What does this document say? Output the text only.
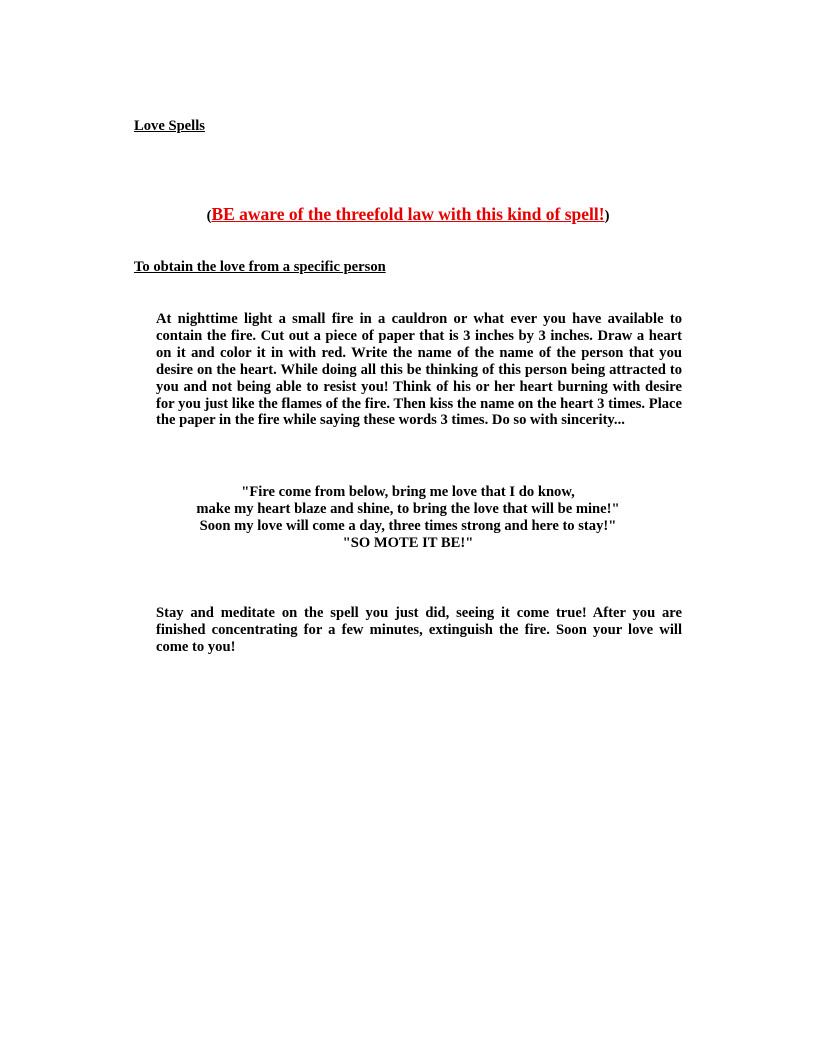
Love Spells
(BE aware of the threefold law with this kind of spell!)
To obtain the love from a specific person
At nighttime light a small fire in a cauldron or what ever you have available to contain the fire. Cut out a piece of paper that is 3 inches by 3 inches. Draw a heart on it and color it in with red. Write the name of the name of the person that you desire on the heart. While doing all this be thinking of this person being attracted to you and not being able to resist you! Think of his or her heart burning with desire for you just like the flames of the fire. Then kiss the name on the heart 3 times. Place the paper in the fire while saying these words 3 times. Do so with sincerity...
"Fire come from below, bring me love that I do know,
make my heart blaze and shine, to bring the love that will be mine!"
Soon my love will come a day, three times strong and here to stay!"
"SO MOTE IT BE!"
Stay and meditate on the spell you just did, seeing it come true! After you are finished concentrating for a few minutes, extinguish the fire. Soon your love will come to you!
